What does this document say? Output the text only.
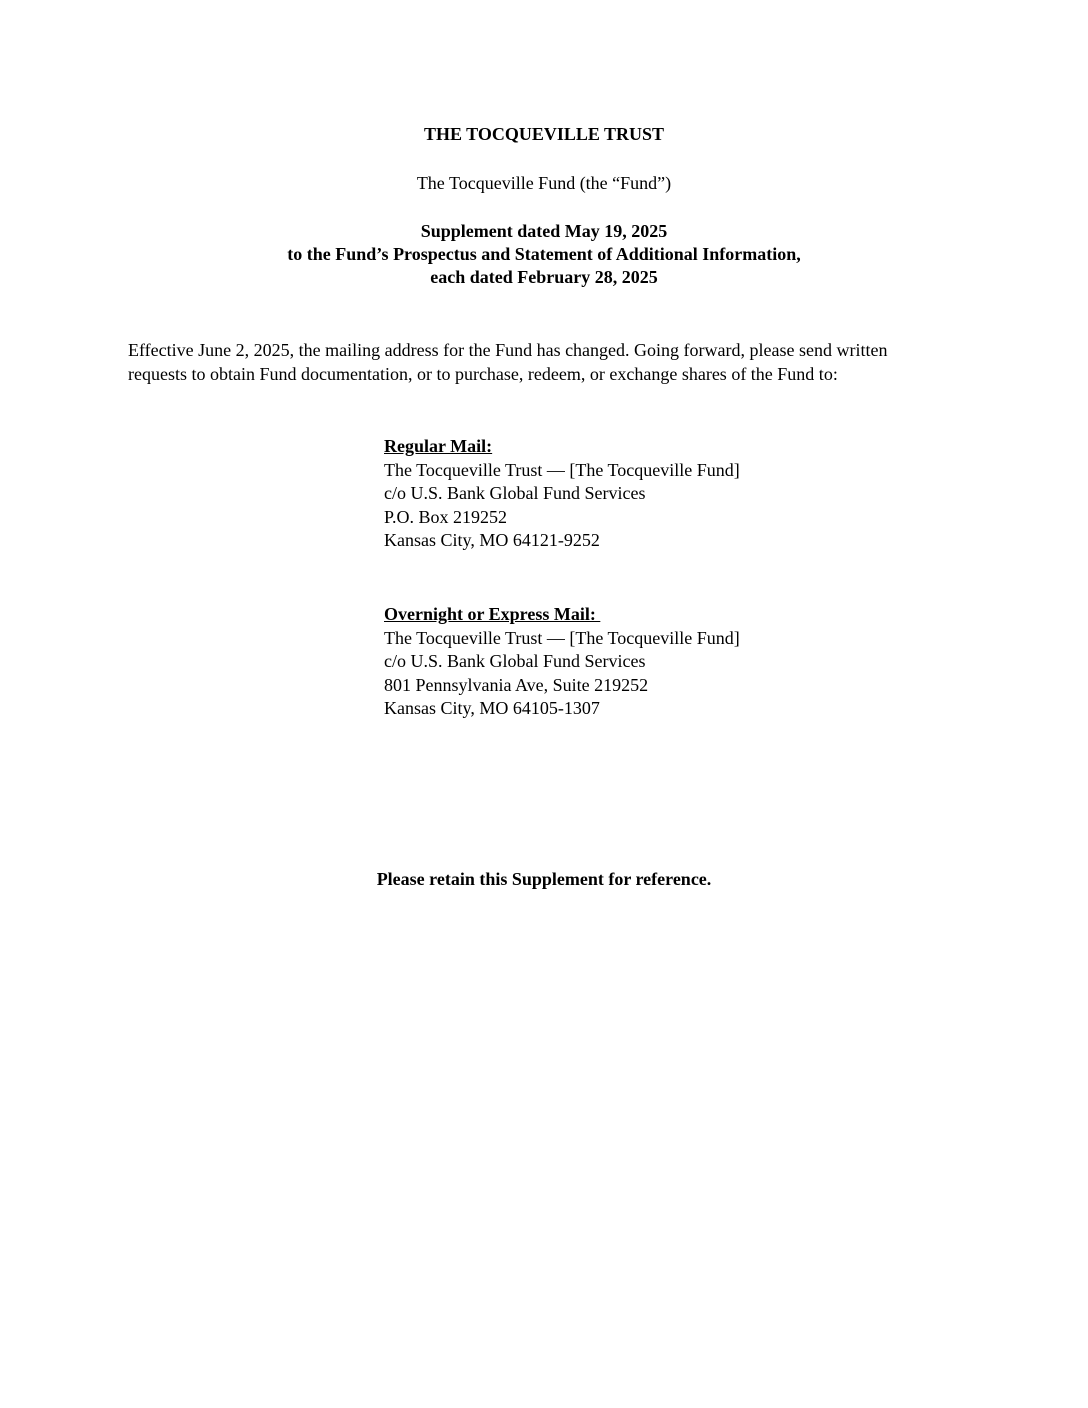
THE TOCQUEVILLE TRUST
The Tocqueville Fund (the “Fund”)
Supplement dated May 19, 2025
to the Fund’s Prospectus and Statement of Additional Information,
each dated February 28, 2025
Effective June 2, 2025, the mailing address for the Fund has changed. Going forward, please send written
requests to obtain Fund documentation, or to purchase, redeem, or exchange shares of the Fund to:
Regular Mail:
The Tocqueville Trust — [The Tocqueville Fund]
c/o U.S. Bank Global Fund Services
P.O. Box 219252
Kansas City, MO 64121-9252
Overnight or Express Mail:
The Tocqueville Trust — [The Tocqueville Fund]
c/o U.S. Bank Global Fund Services
801 Pennsylvania Ave, Suite 219252
Kansas City, MO 64105-1307
Please retain this Supplement for reference.
